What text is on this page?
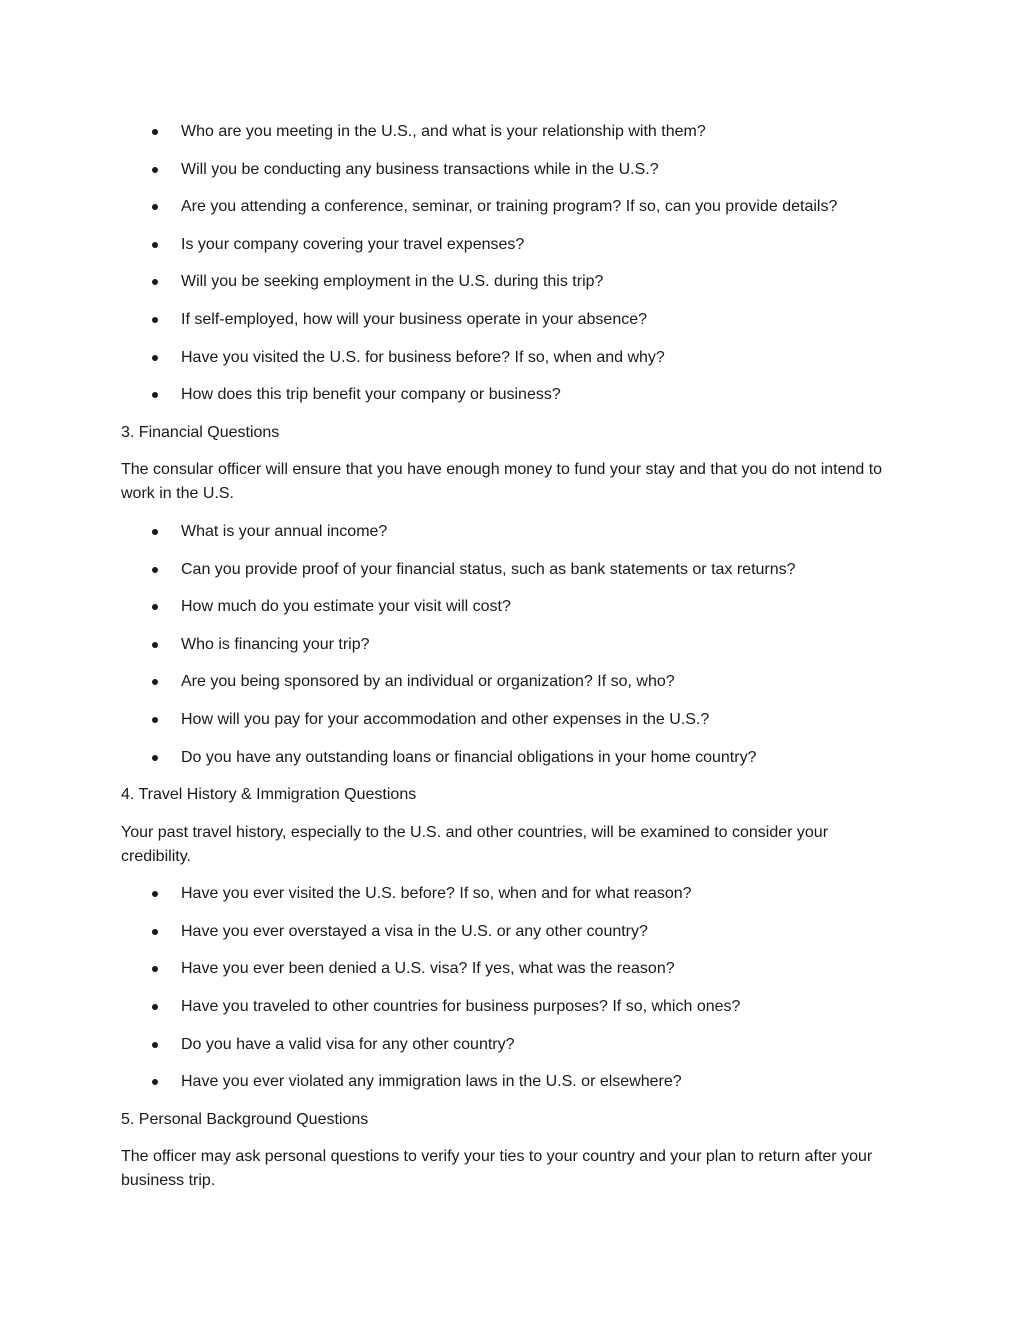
Who are you meeting in the U.S., and what is your relationship with them?
Will you be conducting any business transactions while in the U.S.?
Are you attending a conference, seminar, or training program? If so, can you provide details?
Is your company covering your travel expenses?
Will you be seeking employment in the U.S. during this trip?
If self-employed, how will your business operate in your absence?
Have you visited the U.S. for business before? If so, when and why?
How does this trip benefit your company or business?
3. Financial Questions
The consular officer will ensure that you have enough money to fund your stay and that you do not intend to work in the U.S.
What is your annual income?
Can you provide proof of your financial status, such as bank statements or tax returns?
How much do you estimate your visit will cost?
Who is financing your trip?
Are you being sponsored by an individual or organization? If so, who?
How will you pay for your accommodation and other expenses in the U.S.?
Do you have any outstanding loans or financial obligations in your home country?
4. Travel History & Immigration Questions
Your past travel history, especially to the U.S. and other countries, will be examined to consider your credibility.
Have you ever visited the U.S. before? If so, when and for what reason?
Have you ever overstayed a visa in the U.S. or any other country?
Have you ever been denied a U.S. visa? If yes, what was the reason?
Have you traveled to other countries for business purposes? If so, which ones?
Do you have a valid visa for any other country?
Have you ever violated any immigration laws in the U.S. or elsewhere?
5. Personal Background Questions
The officer may ask personal questions to verify your ties to your country and your plan to return after your business trip.
